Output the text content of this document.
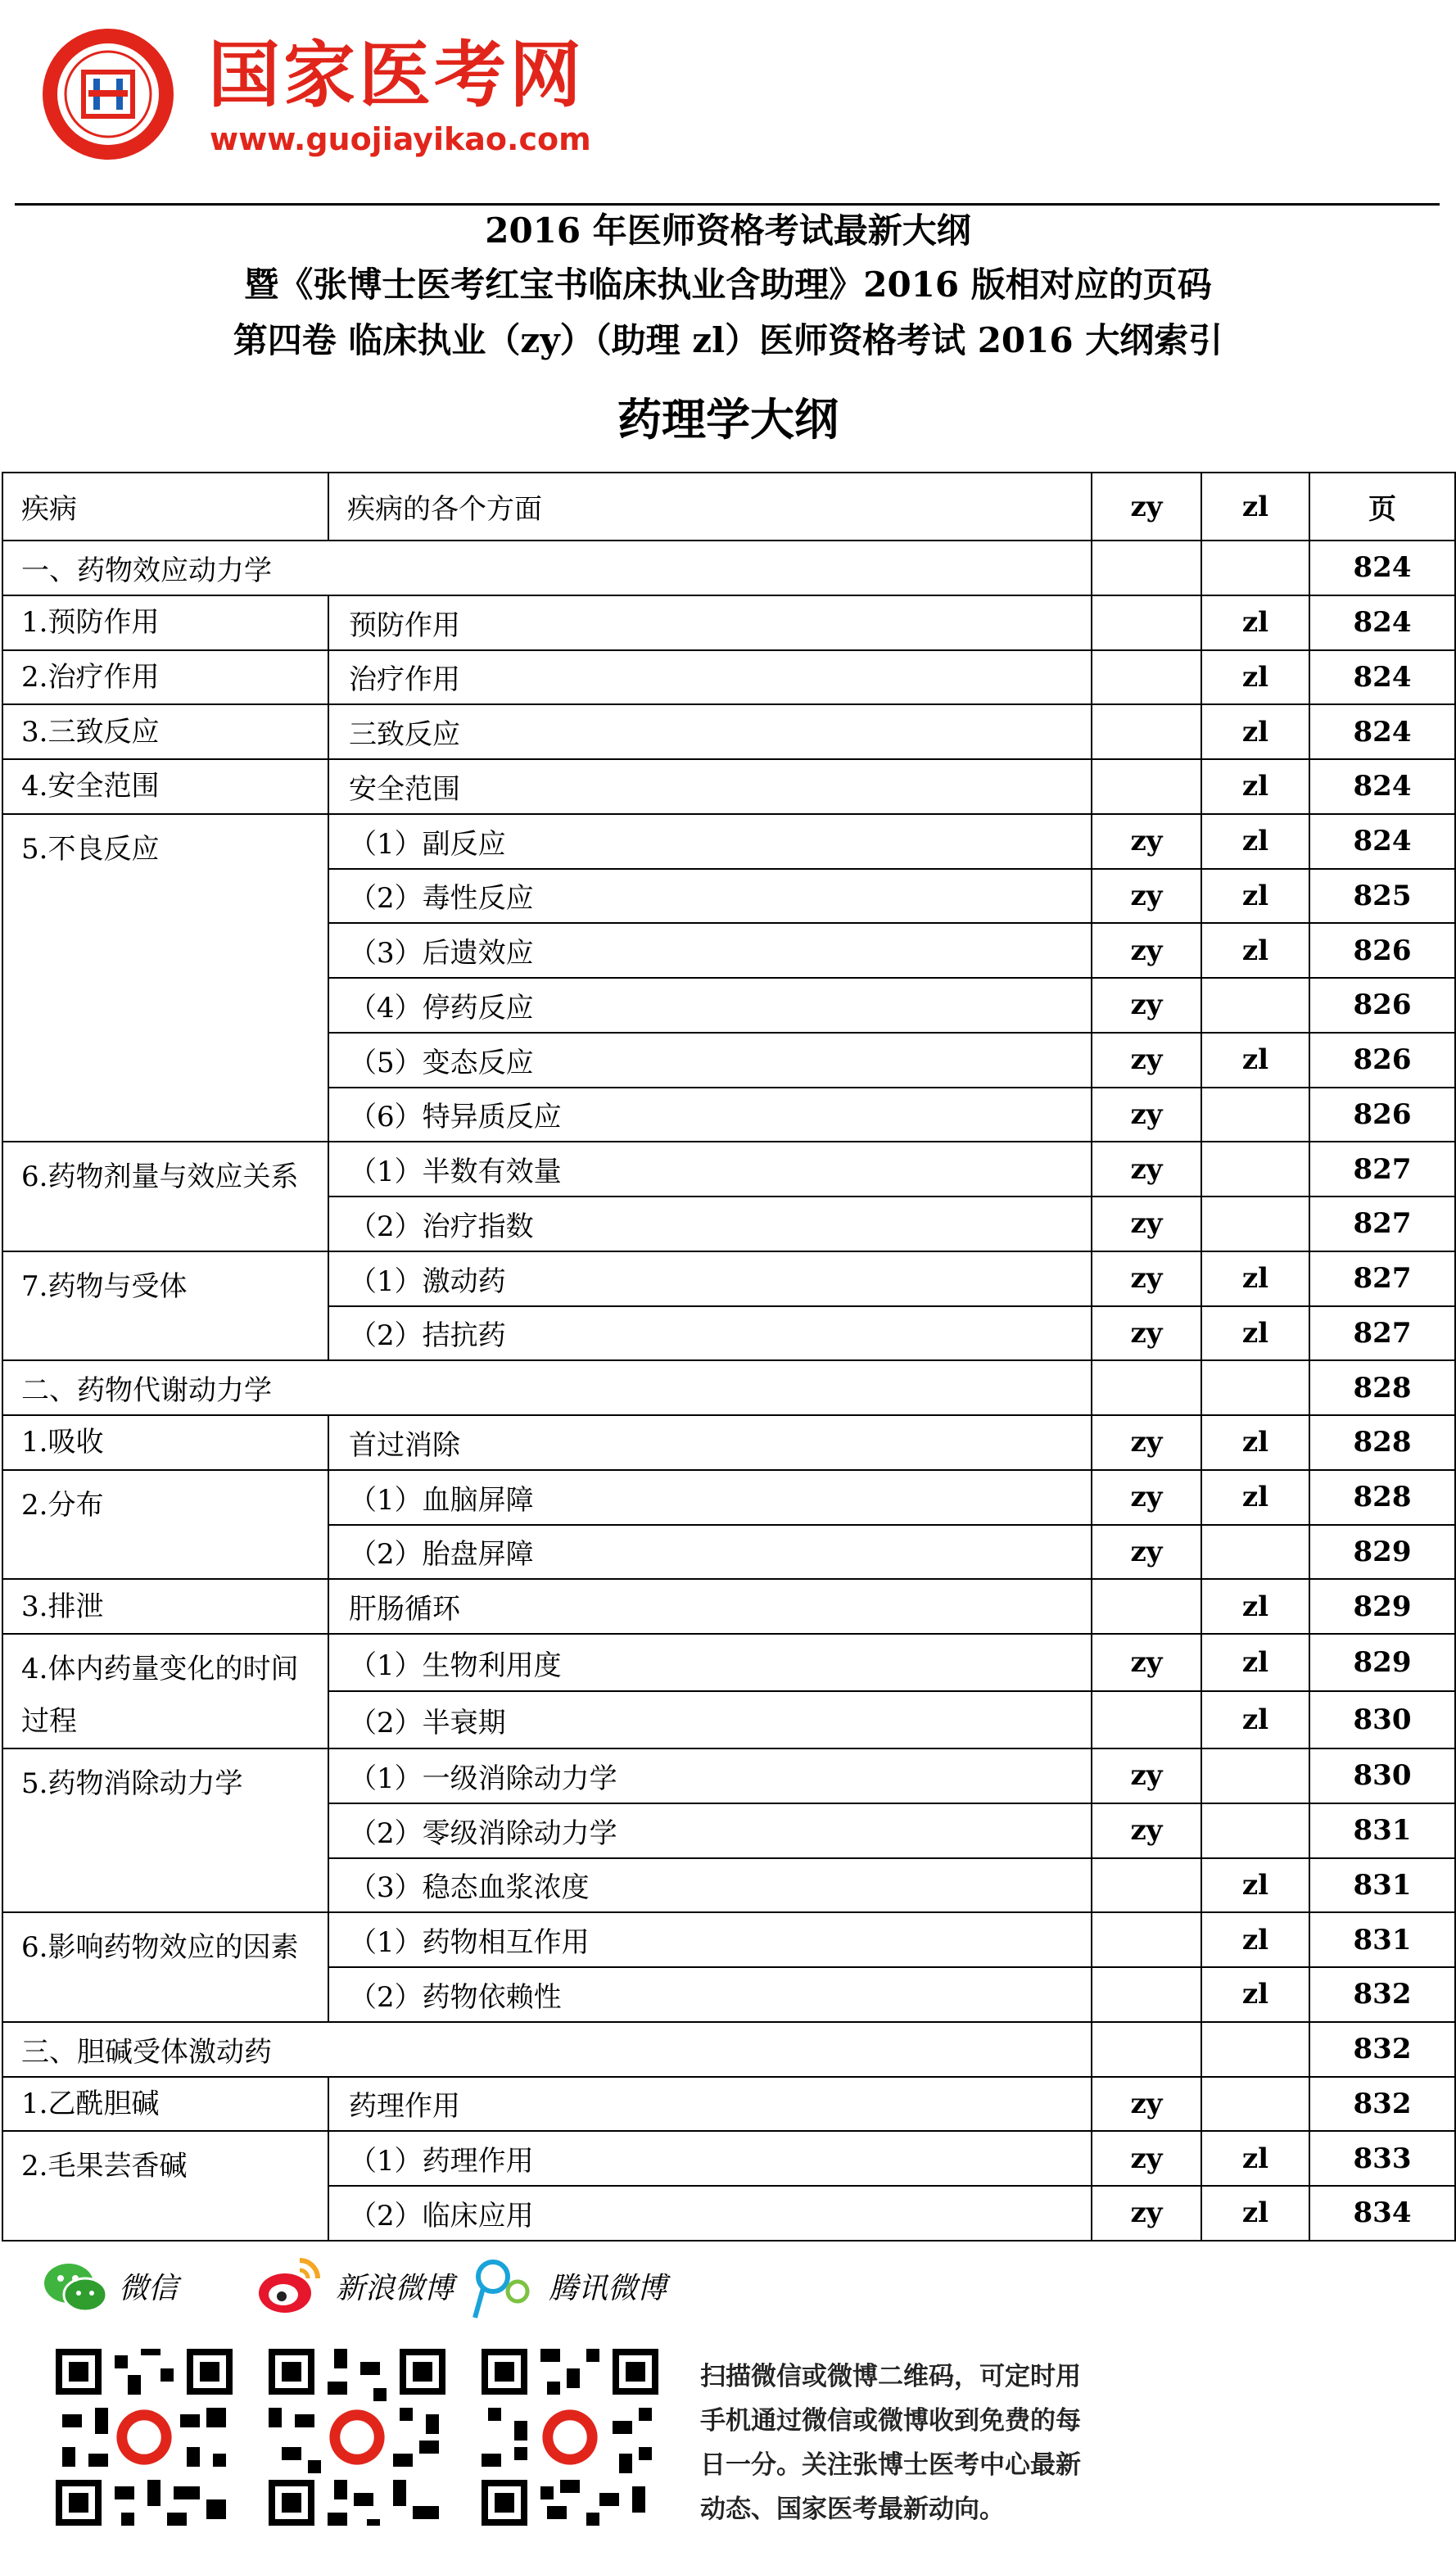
国家医考网
www.guojiayikao.com
2016 年医师资格考试最新大纲
暨《张博士医考红宝书临床执业含助理》2016 版相对应的页码
第四卷 临床执业（zy）（助理 zl）医师资格考试 2016 大纲索引
药理学大纲
疾病	疾病的各个方面	zy	zl	页
一、药物效应动力学				824
1.预防作用	预防作用		zl	824
2.治疗作用	治疗作用		zl	824
3.三致反应	三致反应		zl	824
4.安全范围	安全范围		zl	824
5.不良反应	（1）副反应	zy	zl	824
	（2）毒性反应	zy	zl	825
	（3）后遗效应	zy	zl	826
	（4）停药反应	zy		826
	（5）变态反应	zy	zl	826
	（6）特异质反应	zy		826
6.药物剂量与效应关系	（1）半数有效量	zy		827
	（2）治疗指数	zy		827
7.药物与受体	（1）激动药	zy	zl	827
	（2）拮抗药	zy	zl	827
二、药物代谢动力学				828
1.吸收	首过消除	zy	zl	828
2.分布	（1）血脑屏障	zy	zl	828
	（2）胎盘屏障	zy		829
3.排泄	肝肠循环		zl	829
4.体内药量变化的时间过程	（1）生物利用度	zy	zl	829
	（2）半衰期		zl	830
5.药物消除动力学	（1）一级消除动力学	zy		830
	（2）零级消除动力学	zy		831
	（3）稳态血浆浓度		zl	831
6.影响药物效应的因素	（1）药物相互作用		zl	831
	（2）药物依赖性		zl	832
三、胆碱受体激动药				832
1.乙酰胆碱	药理作用	zy		832
2.毛果芸香碱	（1）药理作用	zy	zl	833
	（2）临床应用	zy	zl	834
微信	新浪微博	腾讯微博
扫描微信或微博二维码，可定时用
手机通过微信或微博收到免费的每
日一分。关注张博士医考中心最新
动态、国家医考最新动向。
